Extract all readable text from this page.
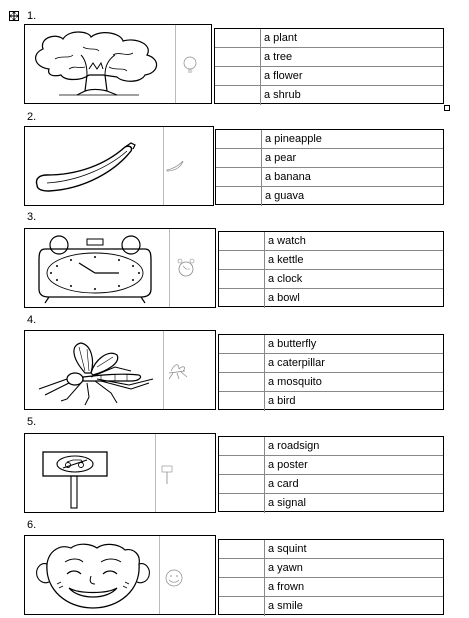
1.
a plant
a tree
a flower
a shrub
2.
a pineapple
a pear
a banana
a guava
3.
a watch
a kettle
a clock
a bowl
4.
a butterfly
a caterpillar
a mosquito
a bird
5.
a roadsign
a poster
a card
a signal
6.
a squint
a yawn
a frown
a smile
